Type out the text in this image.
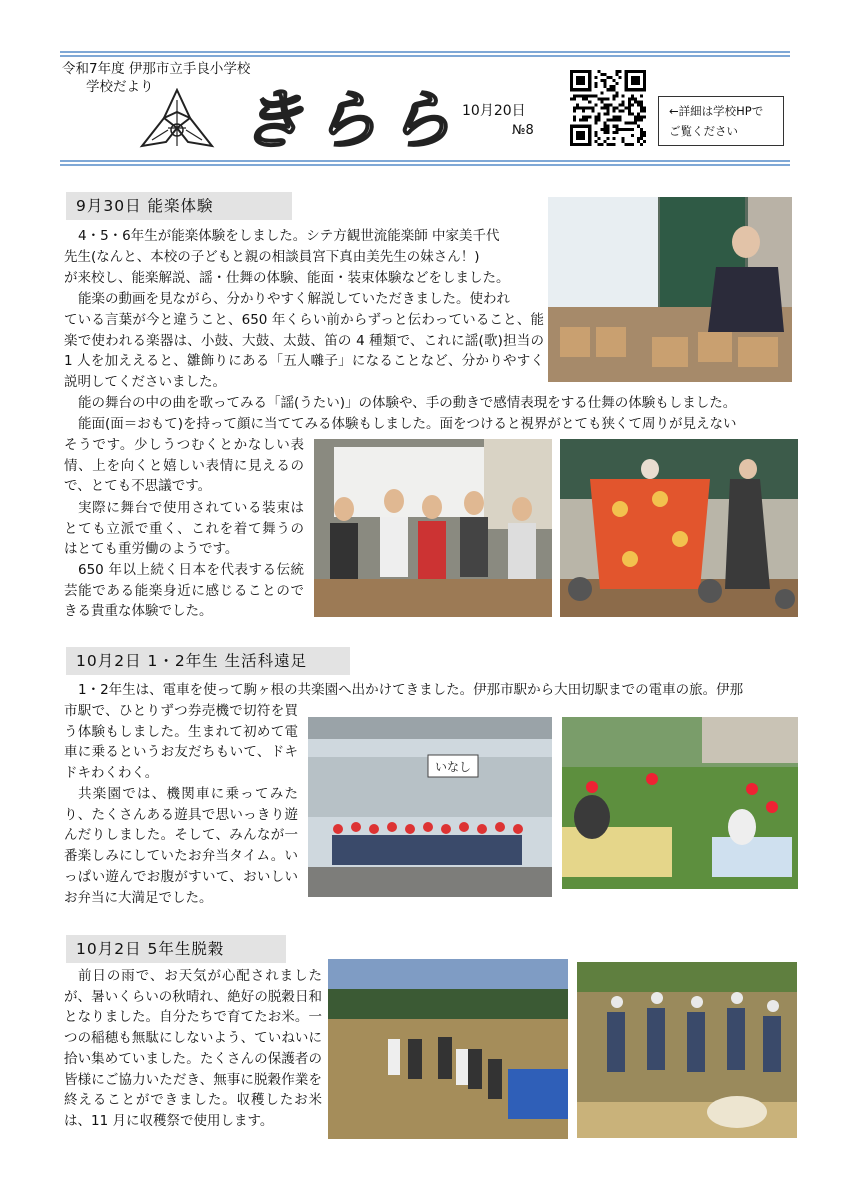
令和7年度 伊那市立手良小学校
学校だより きらら 10月20日
№8
←詳細は学校HPで
ご覧ください
9月30日 能楽体験

4・5・6年生が能楽体験をしました。シテ方観世流能楽師 中家美千代

先生(なんと、本校の子どもと親の相談員宮下真由美先生の妹さん！)

が来校し、能楽解説、謡・仕舞の体験、能面・装束体験などをしました。

能楽の動画を見ながら、分かりやすく解説していただきました。使われ

ている言葉が今と違うこと、650 年くらい前からずっと伝わっていること、能楽で使われる楽器は、小鼓、大鼓、太鼓、笛の 4 種類で、これに謡(歌)担当の 1 人を加ええると、雛飾りにある「五人囃子」になることなど、分かりやすく説明してくださいました。

能の舞台の中の曲を歌ってみる「謡(うたい)」の体験や、手の動きで感情表現をする仕舞の体験もしました。

能面(面＝おもて)を持って顔に当ててみる体験もしました。面をつけると視界がとても狭くて周りが見えない

そうです。少しうつむくとかなしい表情、上を向くと嬉しい表情に見えるので、とても不思議です。

実際に舞台で使用されている装束はとても立派で重く、これを着て舞うのはとても重労働のようです。

650 年以上続く日本を代表する伝統芸能である能楽身近に感じることのできる貴重な体験でした。

10月2日 1・2年生 生活科遠足

1・2年生は、電車を使って駒ヶ根の共楽園へ出かけてきました。伊那市駅から大田切駅までの電車の旅。伊那

市駅で、ひとりずつ券売機で切符を買う体験もしました。生まれて初めて電車に乗るというお友だちもいて、ドキドキわくわく。

共楽園では、機関車に乗ってみたり、たくさんある遊具で思いっきり遊んだりしました。そして、みんなが一番楽しみにしていたお弁当タイム。いっぱい遊んでお腹がすいて、おいしいお弁当に大満足でした。

いなし
10月2日 5年生脱穀

前日の雨で、お天気が心配されましたが、暑いくらいの秋晴れ、絶好の脱穀日和となりました。自分たちで育てたお米。一つの稲穂も無駄にしないよう、ていねいに拾い集めていました。たくさんの保護者の皆様にご協力いただき、無事に脱穀作業を終えることができました。収穫したお米は、11 月に収穫祭で使用します。
